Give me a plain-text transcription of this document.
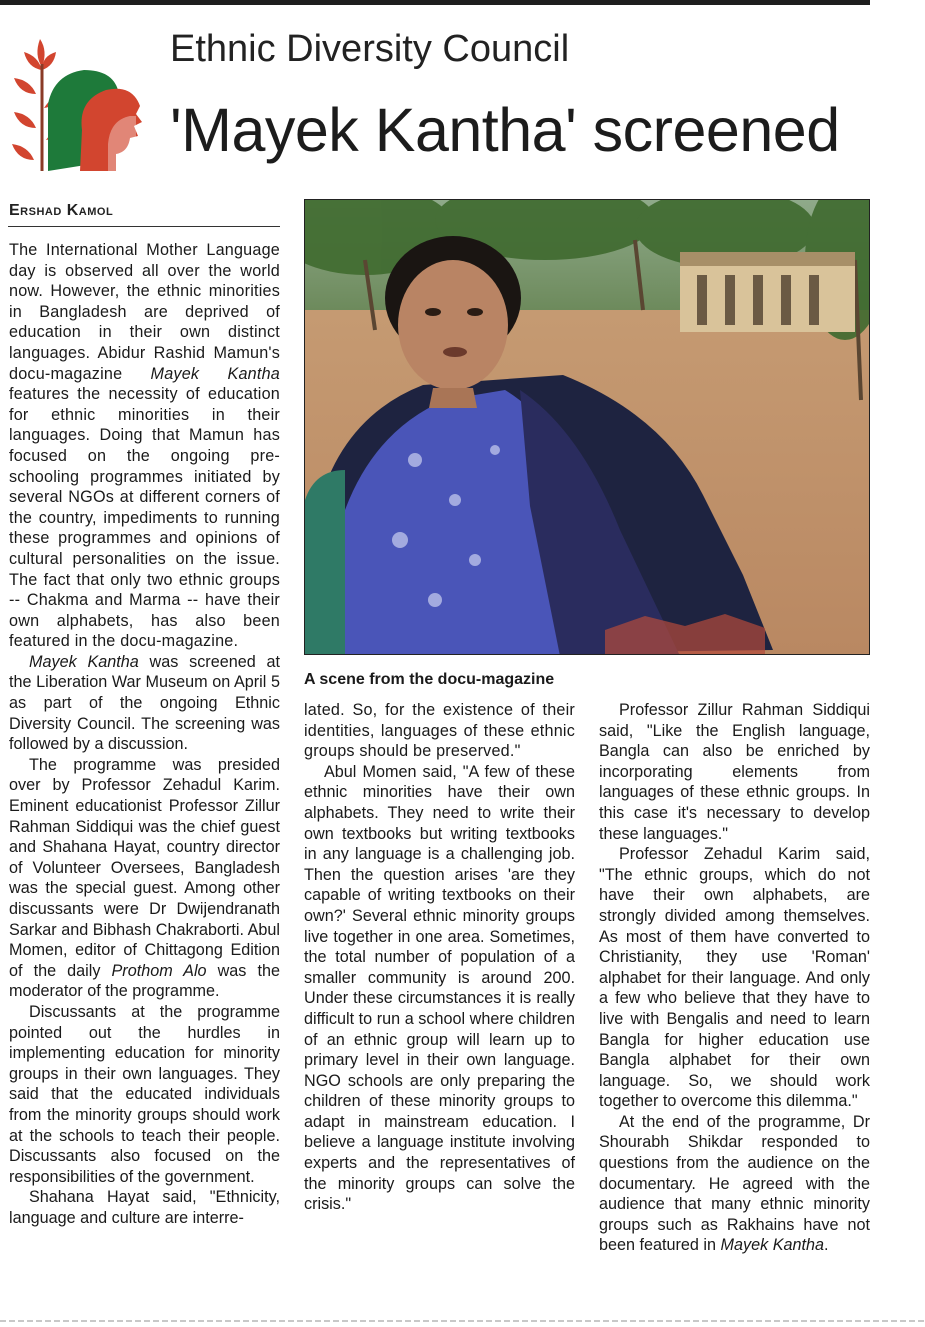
Ethnic Diversity Council
'Mayek Kantha' screened
Ershad Kamol

The International Mother Language day is observed all over the world now. However, the ethnic minorities in Bangladesh are deprived of education in their own distinct languages. Abidur Rashid Mamun's docu-magazine Mayek Kantha features the necessity of education for ethnic minorities in their languages. Doing that Mamun has focused on the ongoing pre-schooling programmes initiated by several NGOs at different corners of the country, impediments to running these programmes and opinions of cultural personalities on the issue. The fact that only two ethnic groups -- Chakma and Marma -- have their own alphabets, has also been featured in the docu-magazine.

Mayek Kantha was screened at the Liberation War Museum on April 5 as part of the ongoing Ethnic Diversity Council. The screening was followed by a discussion.

The programme was presided over by Professor Zehadul Karim. Eminent educationist Professor Zillur Rahman Siddiqui was the chief guest and Shahana Hayat, country director of Volunteer Oversees, Bangladesh was the special guest. Among other discussants were Dr Dwijendranath Sarkar and Bibhash Chakraborti. Abul Momen, editor of Chittagong Edition of the daily Prothom Alo was the moderator of the programme.

Discussants at the programme pointed out the hurdles in implementing education for minority groups in their own languages. They said that the educated individuals from the minority groups should work at the schools to teach their people. Discussants also focused on the responsibilities of the government.

Shahana Hayat said, "Ethnicity, language and culture are interre-

A scene from the docu-magazine

lated. So, for the existence of their identities, languages of these ethnic groups should be preserved."

Abul Momen said, "A few of these ethnic minorities have their own alphabets. They need to write their own textbooks but writing textbooks in any language is a challenging job. Then the question arises 'are they capable of writing textbooks on their own?' Several ethnic minority groups live together in one area. Sometimes, the total number of population of a smaller community is around 200. Under these circumstances it is really difficult to run a school where children of an ethnic group will learn up to primary level in their own language. NGO schools are only preparing the children of these minority groups to adapt in mainstream education. I believe a language institute involving experts and the representatives of the minority groups can solve the crisis."

Professor Zillur Rahman Siddiqui said, "Like the English language, Bangla can also be enriched by incorporating elements from languages of these ethnic groups. In this case it's necessary to develop these languages."

Professor Zehadul Karim said, "The ethnic groups, which do not have their own alphabets, are strongly divided among themselves. As most of them have converted to Christianity, they use 'Roman' alphabet for their language. And only a few who believe that they have to live with Bengalis and need to learn Bangla for higher education use Bangla alphabet for their own language. So, we should work together to overcome this dilemma."

At the end of the programme, Dr Shourabh Shikdar responded to questions from the audience on the documentary. He agreed with the audience that many ethnic minority groups such as Rakhains have not been featured in Mayek Kantha.
